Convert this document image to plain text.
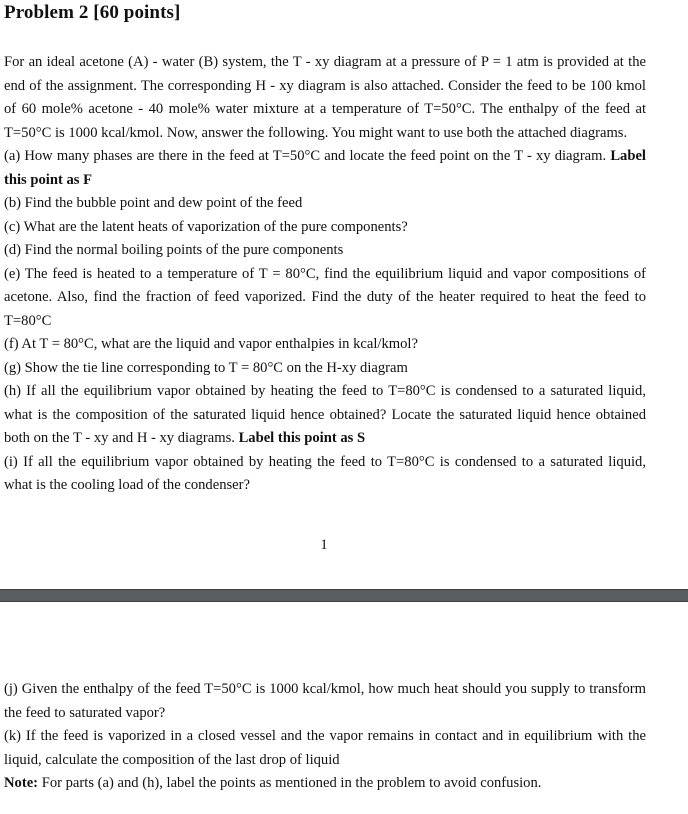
Problem 2 [60 points]

For an ideal acetone (A) - water (B) system, the T - xy diagram at a pressure of P = 1 atm is provided at the end of the assignment. The corresponding H - xy diagram is also attached. Consider the feed to be 100 kmol of 60 mole% acetone - 40 mole% water mixture at a temperature of T=50°C. The enthalpy of the feed at T=50°C is 1000 kcal/kmol. Now, answer the following. You might want to use both the attached diagrams.

(a) How many phases are there in the feed at T=50°C and locate the feed point on the T - xy diagram. Label this point as F

(b) Find the bubble point and dew point of the feed

(c) What are the latent heats of vaporization of the pure components?

(d) Find the normal boiling points of the pure components

(e) The feed is heated to a temperature of T = 80°C, find the equilibrium liquid and vapor compositions of acetone. Also, find the fraction of feed vaporized. Find the duty of the heater required to heat the feed to T=80°C

(f) At T = 80°C, what are the liquid and vapor enthalpies in kcal/kmol?

(g) Show the tie line corresponding to T = 80°C on the H-xy diagram

(h) If all the equilibrium vapor obtained by heating the feed to T=80°C is condensed to a saturated liquid, what is the composition of the saturated liquid hence obtained? Locate the saturated liquid hence obtained both on the T - xy and H - xy diagrams. Label this point as S

(i) If all the equilibrium vapor obtained by heating the feed to T=80°C is condensed to a saturated liquid, what is the cooling load of the condenser?

1

(j) Given the enthalpy of the feed T=50°C is 1000 kcal/kmol, how much heat should you supply to transform the feed to saturated vapor?

(k) If the feed is vaporized in a closed vessel and the vapor remains in contact and in equilibrium with the liquid, calculate the composition of the last drop of liquid

Note: For parts (a) and (h), label the points as mentioned in the problem to avoid confusion.
